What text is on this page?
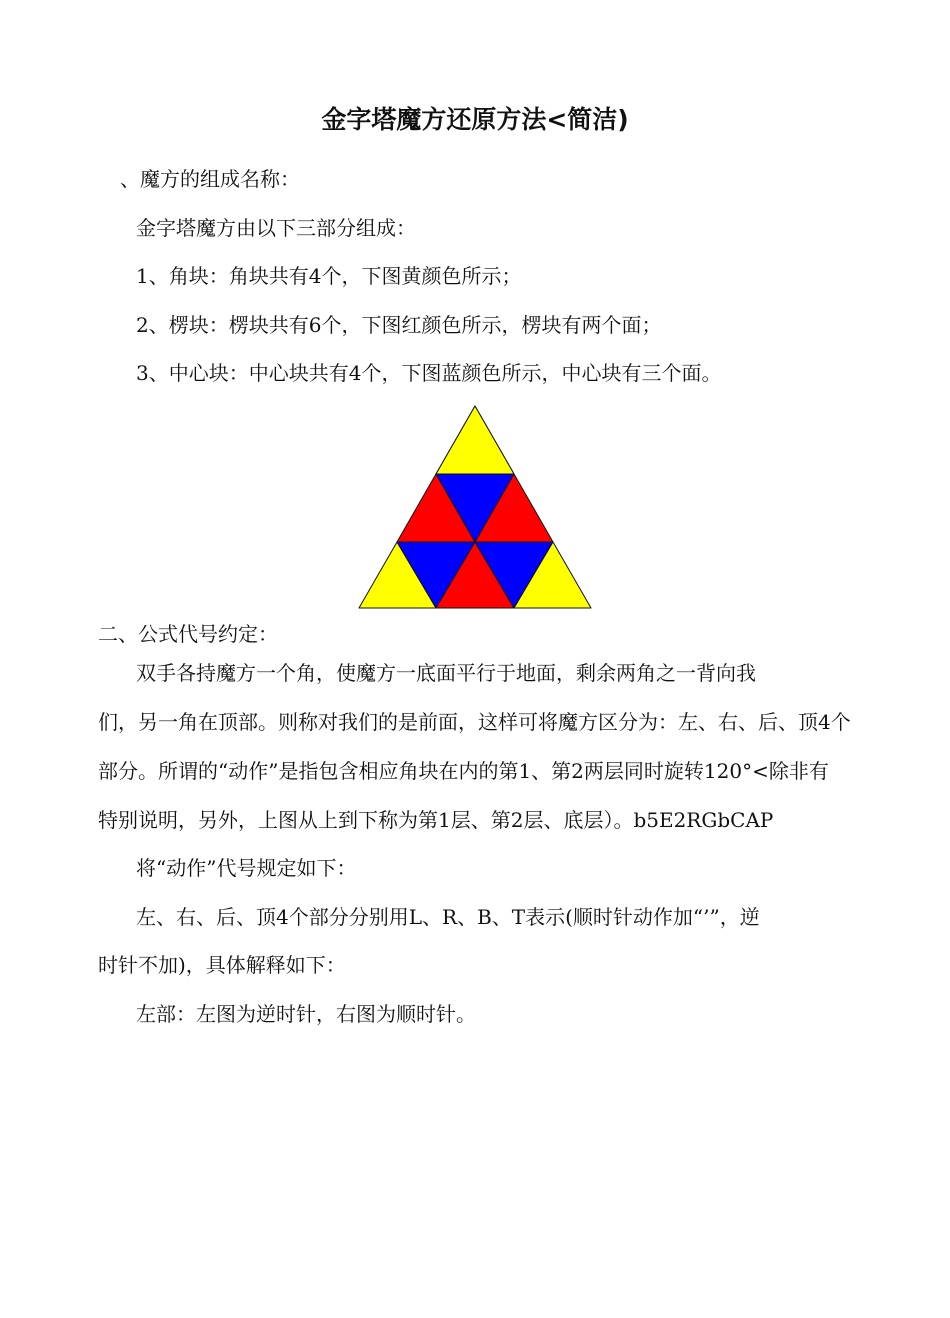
金字塔魔方还原方法<简洁)
、魔方的组成名称：
金字塔魔方由以下三部分组成：
1、角块：角块共有4个，下图黄颜色所示；
2、楞块：楞块共有6个，下图红颜色所示，楞块有两个面；
3、中心块：中心块共有4个，下图蓝颜色所示，中心块有三个面。
二、公式代号约定：
双手各持魔方一个角，使魔方一底面平行于地面，剩余两角之一背向我
们，另一角在顶部。则称对我们的是前面，这样可将魔方区分为：左、右、后、顶4个
部分。所谓的“动作”是指包含相应角块在内的第1、第2两层同时旋转120°<除非有
特别说明，另外，上图从上到下称为第1层、第2层、底层）。b5E2RGbCAP
将“动作”代号规定如下：
左、右、后、顶4个部分分别用L、R、B、T表示(顺时针动作加“’”，逆
时针不加)，具体解释如下：
左部：左图为逆时针，右图为顺时针。
